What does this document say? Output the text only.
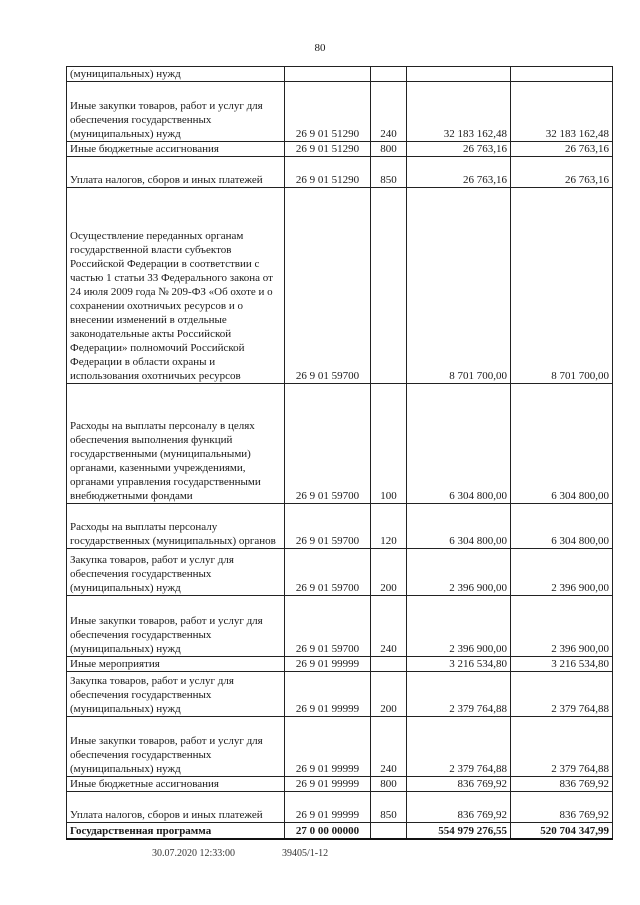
80
(муниципальных) нужд				
Иные закупки товаров, работ и услуг для обеспечения государственных (муниципальных) нужд	26 9 01 51290	240	32 183 162,48	32 183 162,48
Иные бюджетные ассигнования	26 9 01 51290	800	26 763,16	26 763,16
Уплата налогов, сборов и иных платежей	26 9 01 51290	850	26 763,16	26 763,16
Осуществление переданных органам государственной власти субъектов Российской Федерации в соответствии с частью 1 статьи 33 Федерального закона от 24 июля 2009 года № 209-ФЗ «Об охоте и о сохранении охотничьих ресурсов и о внесении изменений в отдельные законодательные акты Российской Федерации» полномочий Российской Федерации в области охраны и использования охотничьих ресурсов	26 9 01 59700		8 701 700,00	8 701 700,00
Расходы на выплаты персоналу в целях обеспечения выполнения функций государственными (муниципальными) органами, казенными учреждениями, органами управления государственными внебюджетными фондами	26 9 01 59700	100	6 304 800,00	6 304 800,00
Расходы на выплаты персоналу государственных (муниципальных) органов	26 9 01 59700	120	6 304 800,00	6 304 800,00
Закупка товаров, работ и услуг для обеспечения государственных (муниципальных) нужд	26 9 01 59700	200	2 396 900,00	2 396 900,00
Иные закупки товаров, работ и услуг для обеспечения государственных (муниципальных) нужд	26 9 01 59700	240	2 396 900,00	2 396 900,00
Иные мероприятия	26 9 01 99999		3 216 534,80	3 216 534,80
Закупка товаров, работ и услуг для обеспечения государственных (муниципальных) нужд	26 9 01 99999	200	2 379 764,88	2 379 764,88
Иные закупки товаров, работ и услуг для обеспечения государственных (муниципальных) нужд	26 9 01 99999	240	2 379 764,88	2 379 764,88
Иные бюджетные ассигнования	26 9 01 99999	800	836 769,92	836 769,92
Уплата налогов, сборов и иных платежей	26 9 01 99999	850	836 769,92	836 769,92
Государственная программа	27 0 00 00000		554 979 276,55	520 704 347,99
30.07.2020 12:33:00	39405/1-12
